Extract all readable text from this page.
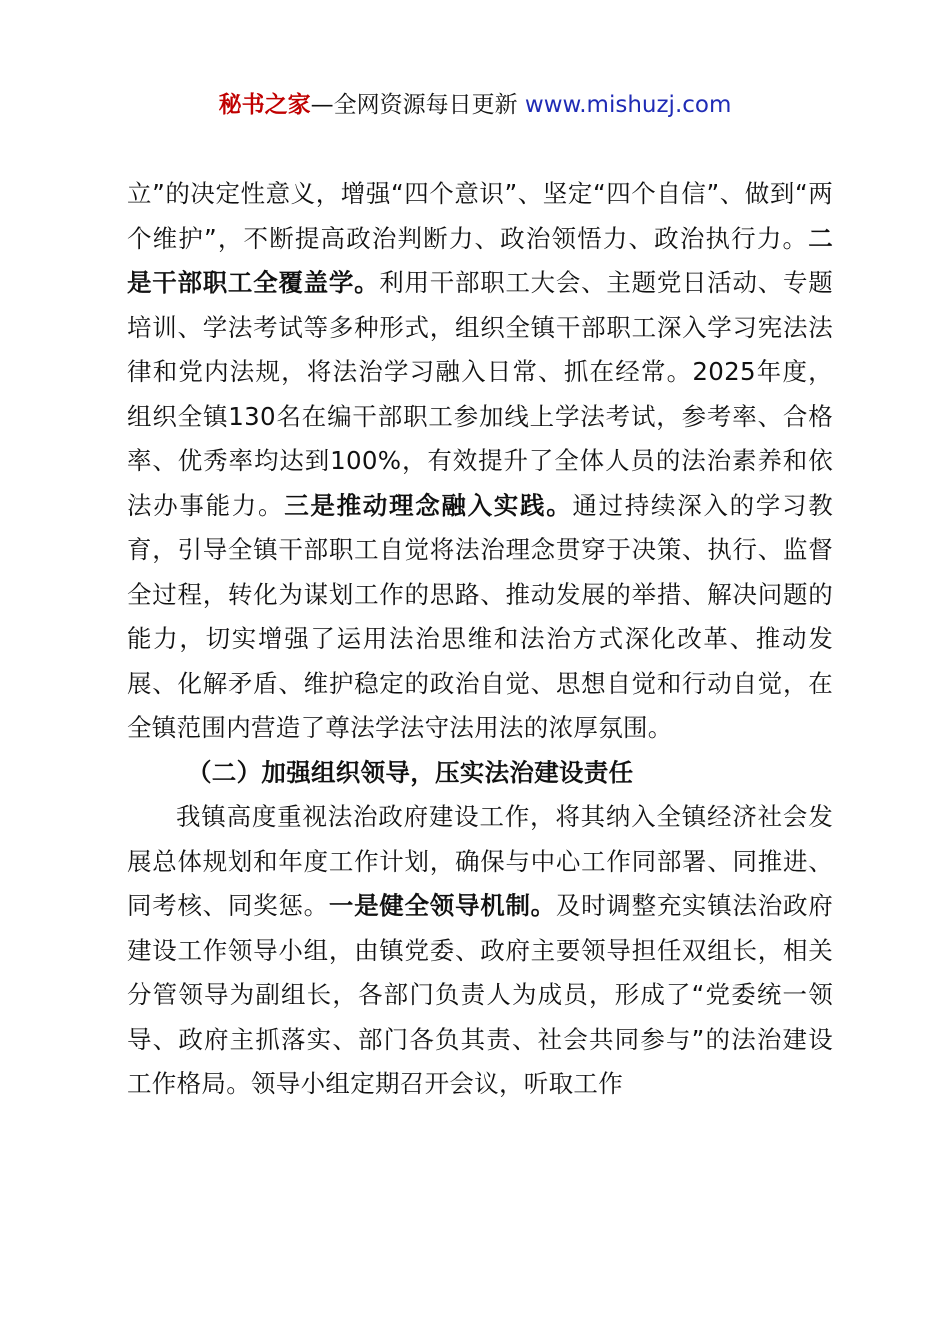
秘书之家—全网资源每日更新 www.mishuzj.com

立”的决定性意义，增强“四个意识”、坚定“四个自信”、做到“两个维护”，不断提高政治判断力、政治领悟力、政治执行力。二是干部职工全覆盖学。利用干部职工大会、主题党日活动、专题培训、学法考试等多种形式，组织全镇干部职工深入学习宪法法律和党内法规，将法治学习融入日常、抓在经常。2025年度，组织全镇130名在编干部职工参加线上学法考试，参考率、合格率、优秀率均达到100%，有效提升了全体人员的法治素养和依法办事能力。三是推动理念融入实践。通过持续深入的学习教育，引导全镇干部职工自觉将法治理念贯穿于决策、执行、监督全过程，转化为谋划工作的思路、推动发展的举措、解决问题的能力，切实增强了运用法治思维和法治方式深化改革、推动发展、化解矛盾、维护稳定的政治自觉、思想自觉和行动自觉，在全镇范围内营造了尊法学法守法用法的浓厚氛围。

（二）加强组织领导，压实法治建设责任

我镇高度重视法治政府建设工作，将其纳入全镇经济社会发展总体规划和年度工作计划，确保与中心工作同部署、同推进、同考核、同奖惩。一是健全领导机制。及时调整充实镇法治政府建设工作领导小组，由镇党委、政府主要领导担任双组长，相关分管领导为副组长，各部门负责人为成员，形成了“党委统一领导、政府主抓落实、部门各负其责、社会共同参与”的法治建设工作格局。领导小组定期召开会议，听取工作
